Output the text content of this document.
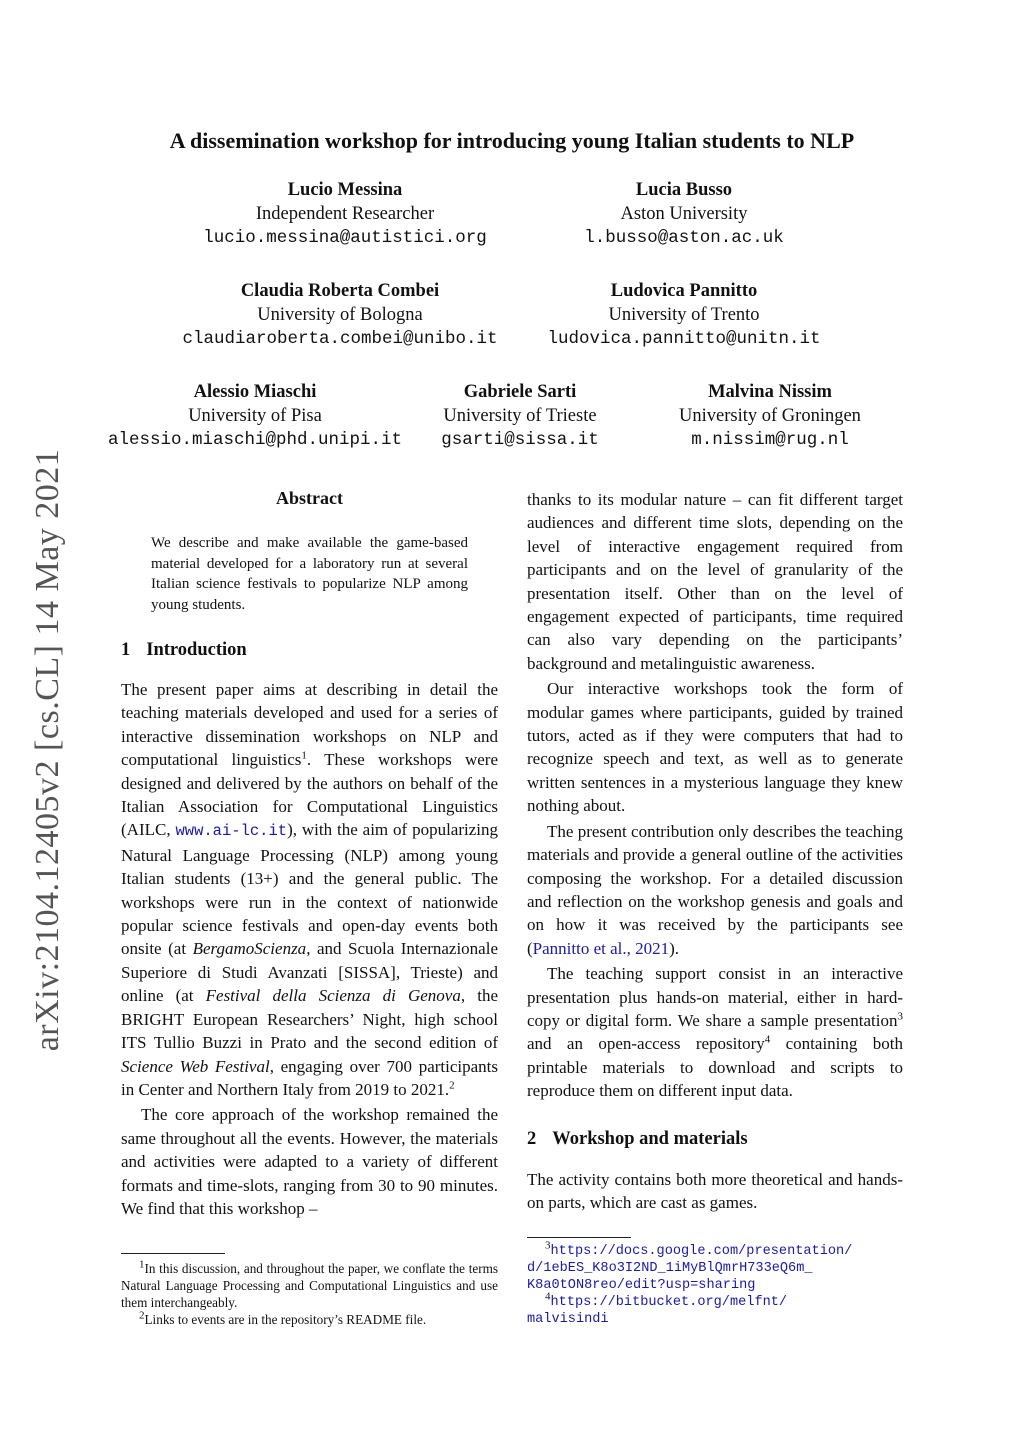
A dissemination workshop for introducing young Italian students to NLP
Lucio Messina
Independent Researcher
lucio.messina@autistici.org
Lucia Busso
Aston University
l.busso@aston.ac.uk
Claudia Roberta Combei
University of Bologna
claudiaroberta.combei@unibo.it
Ludovica Pannitto
University of Trento
ludovica.pannitto@unitn.it
Alessio Miaschi
University of Pisa
alessio.miaschi@phd.unipi.it
Gabriele Sarti
University of Trieste
gsarti@sissa.it
Malvina Nissim
University of Groningen
m.nissim@rug.nl
arXiv:2104.12405v2 [cs.CL] 14 May 2021	Abstract
We describe and make available the game-based material developed for a laboratory run at several Italian science festivals to popularize NLP among young students.
1 Introduction

The present paper aims at describing in detail the teaching materials developed and used for a series of interactive dissemination workshops on NLP and computational linguistics$^1$. These workshops were designed and delivered by the authors on behalf of the Italian Association for Computational Linguistics (AILC, www.ai-lc.it), with the aim of popularizing Natural Language Processing (NLP) among young Italian students (13+) and the general public. The workshops were run in the context of nationwide popular science festivals and open-day events both onsite (at BergamoScienza, and Scuola Internazionale Superiore di Studi Avanzati [SISSA], Trieste) and online (at Festival della Scienza di Genova, the BRIGHT European Researchers’ Night, high school ITS Tullio Buzzi in Prato and the second edition of Science Web Festival, engaging over 700 participants in Center and Northern Italy from 2019 to 2021.$^2$

The core approach of the workshop remained the same throughout all the events. However, the materials and activities were adapted to a variety of different formats and time-slots, ranging from 30 to 90 minutes. We find that this workshop –

$^1$In this discussion, and throughout the paper, we conflate the terms Natural Language Processing and Computational Linguistics and use them interchangeably.
$^2$Links to events are in the repository’s README file.

thanks to its modular nature – can fit different target audiences and different time slots, depending on the level of interactive engagement required from participants and on the level of granularity of the presentation itself. Other than on the level of engagement expected of participants, time required can also vary depending on the participants’ background and metalinguistic awareness.

Our interactive workshops took the form of modular games where participants, guided by trained tutors, acted as if they were computers that had to recognize speech and text, as well as to generate written sentences in a mysterious language they knew nothing about.

The present contribution only describes the teaching materials and provide a general outline of the activities composing the workshop. For a detailed discussion and reflection on the workshop genesis and goals and on how it was received by the participants see (Pannitto et al., 2021).

The teaching support consist in an interactive presentation plus hands-on material, either in hard-copy or digital form. We share a sample presentation$^3$ and an open-access repository$^4$ containing both printable materials to download and scripts to reproduce them on different input data.

2 Workshop and materials

The activity contains both more theoretical and hands-on parts, which are cast as games.

$^3$https://docs.google.com/presentation/
d/1ebES_K8o3I2ND_1iMyBlQmrH733eQ6m_
K8a0tON8reo/edit?usp=sharing
$^4$https://bitbucket.org/melfnt/
malvisindi
